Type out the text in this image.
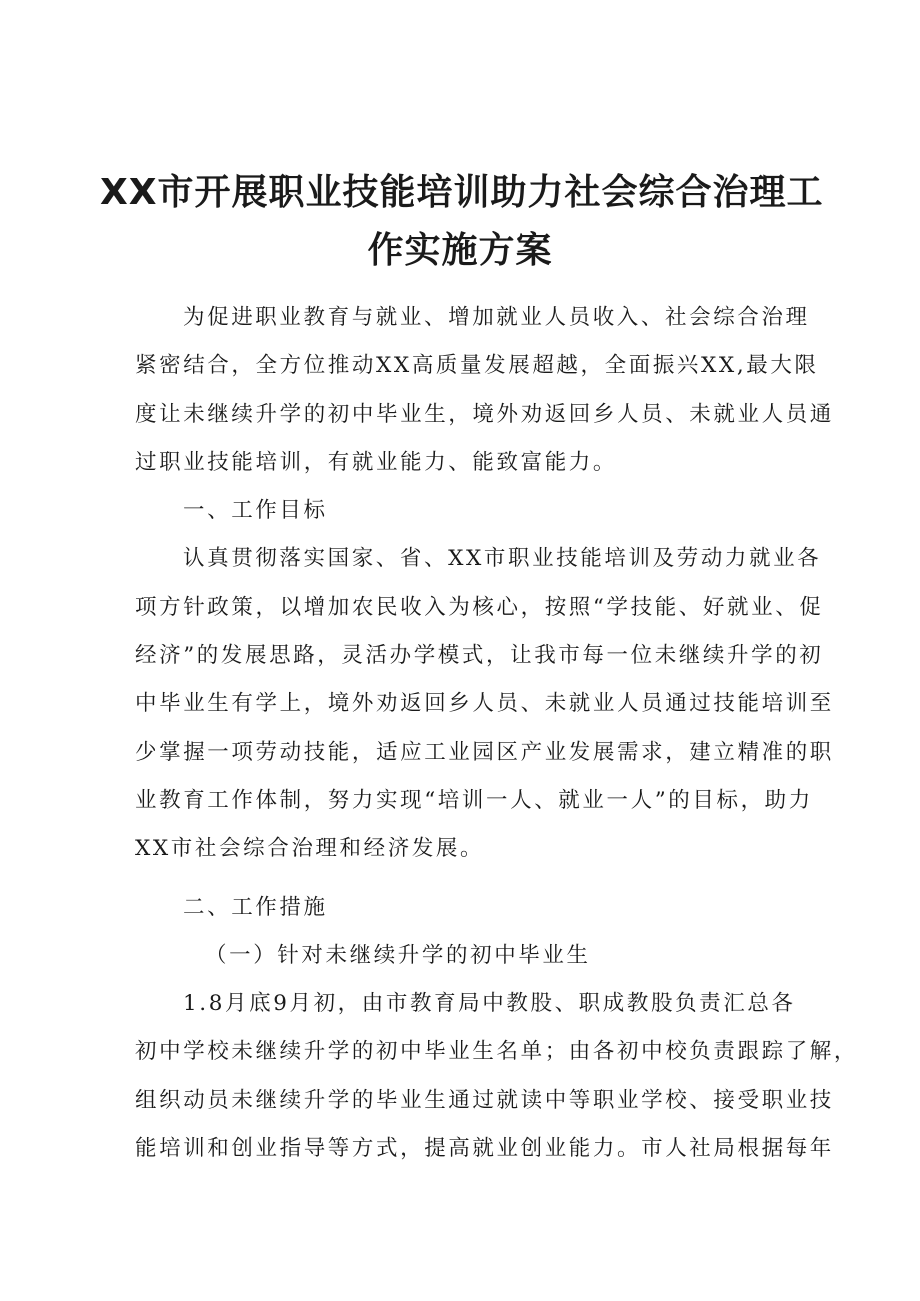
XX市开展职业技能培训助力社会综合治理工
作实施方案
为促进职业教育与就业、增加就业人员收入、社会综合治理
紧密结合，全方位推动XX高质量发展超越，全面振兴XX,最大限
度让未继续升学的初中毕业生，境外劝返回乡人员、未就业人员通
过职业技能培训，有就业能力、能致富能力。
一、工作目标
认真贯彻落实国家、省、XX市职业技能培训及劳动力就业各
项方针政策，以增加农民收入为核心，按照“学技能、好就业、促
经济”的发展思路，灵活办学模式，让我市每一位未继续升学的初
中毕业生有学上，境外劝返回乡人员、未就业人员通过技能培训至
少掌握一项劳动技能，适应工业园区产业发展需求，建立精准的职
业教育工作体制，努力实现“培训一人、就业一人”的目标，助力
XX市社会综合治理和经济发展。
二、工作措施
（一）针对未继续升学的初中毕业生
1.8月底9月初，由市教育局中教股、职成教股负责汇总各
初中学校未继续升学的初中毕业生名单；由各初中校负责跟踪了解，
组织动员未继续升学的毕业生通过就读中等职业学校、接受职业技
能培训和创业指导等方式，提高就业创业能力。市人社局根据每年
